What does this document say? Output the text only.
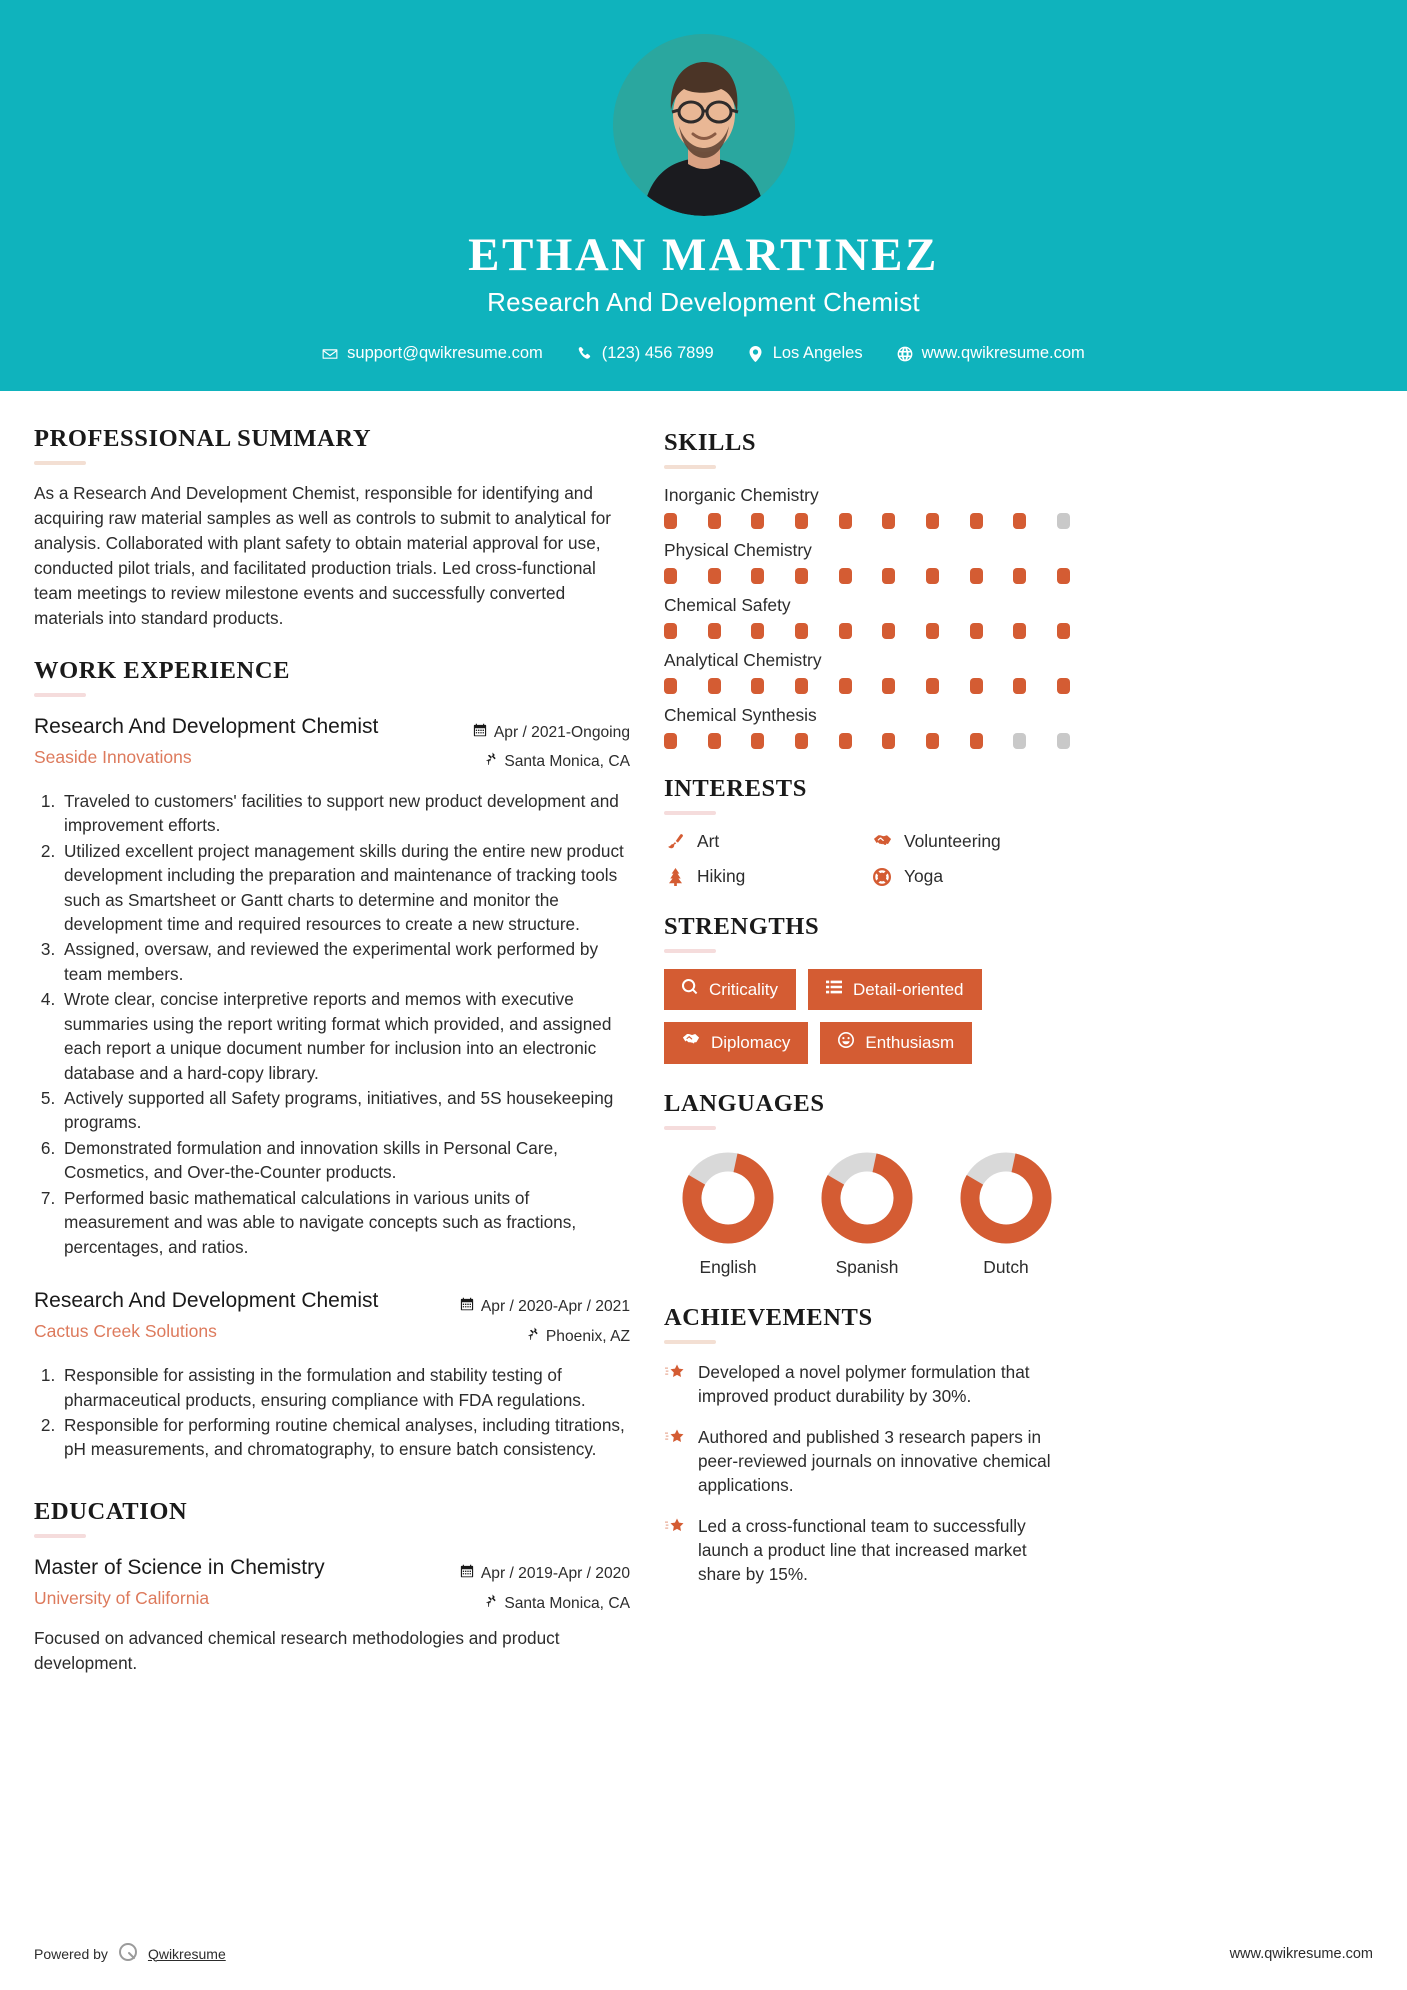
ETHAN MARTINEZ
Research And Development Chemist
support@qwikresume.com	(123) 456 7899	Los Angeles	www.qwikresume.com
PROFESSIONAL SUMMARY
As a Research And Development Chemist, responsible for identifying and acquiring raw material samples as well as controls to submit to analytical for analysis. Collaborated with plant safety to obtain material approval for use, conducted pilot trials, and facilitated production trials. Led cross-functional team meetings to review milestone events and successfully converted materials into standard products.
WORK EXPERIENCE
Research And Development Chemist
Seaside Innovations
Apr / 2021-Ongoing
Santa Monica, CA
1. Traveled to customers' facilities to support new product development and improvement efforts.
2. Utilized excellent project management skills during the entire new product development including the preparation and maintenance of tracking tools such as Smartsheet or Gantt charts to determine and monitor the development time and required resources to create a new structure.
3. Assigned, oversaw, and reviewed the experimental work performed by team members.
4. Wrote clear, concise interpretive reports and memos with executive summaries using the report writing format which provided, and assigned each report a unique document number for inclusion into an electronic database and a hard-copy library.
5. Actively supported all Safety programs, initiatives, and 5S housekeeping programs.
6. Demonstrated formulation and innovation skills in Personal Care, Cosmetics, and Over-the-Counter products.
7. Performed basic mathematical calculations in various units of measurement and was able to navigate concepts such as fractions, percentages, and ratios.
Research And Development Chemist
Cactus Creek Solutions
Apr / 2020-Apr / 2021
Phoenix, AZ
1. Responsible for assisting in the formulation and stability testing of pharmaceutical products, ensuring compliance with FDA regulations.
2. Responsible for performing routine chemical analyses, including titrations, pH measurements, and chromatography, to ensure batch consistency.
EDUCATION
Master of Science in Chemistry
University of California
Apr / 2019-Apr / 2020
Santa Monica, CA
Focused on advanced chemical research methodologies and product development.
SKILLS
Inorganic Chemistry
Physical Chemistry
Chemical Safety
Analytical Chemistry
Chemical Synthesis
INTERESTS
Art	Volunteering
Hiking	Yoga
STRENGTHS
Criticality	Detail-oriented
Diplomacy	Enthusiasm
LANGUAGES
English	Spanish	Dutch
ACHIEVEMENTS
Developed a novel polymer formulation that improved product durability by 30%.
Authored and published 3 research papers in peer-reviewed journals on innovative chemical applications.
Led a cross-functional team to successfully launch a product line that increased market share by 15%.
Powered by	Qwikresume	www.qwikresume.com
